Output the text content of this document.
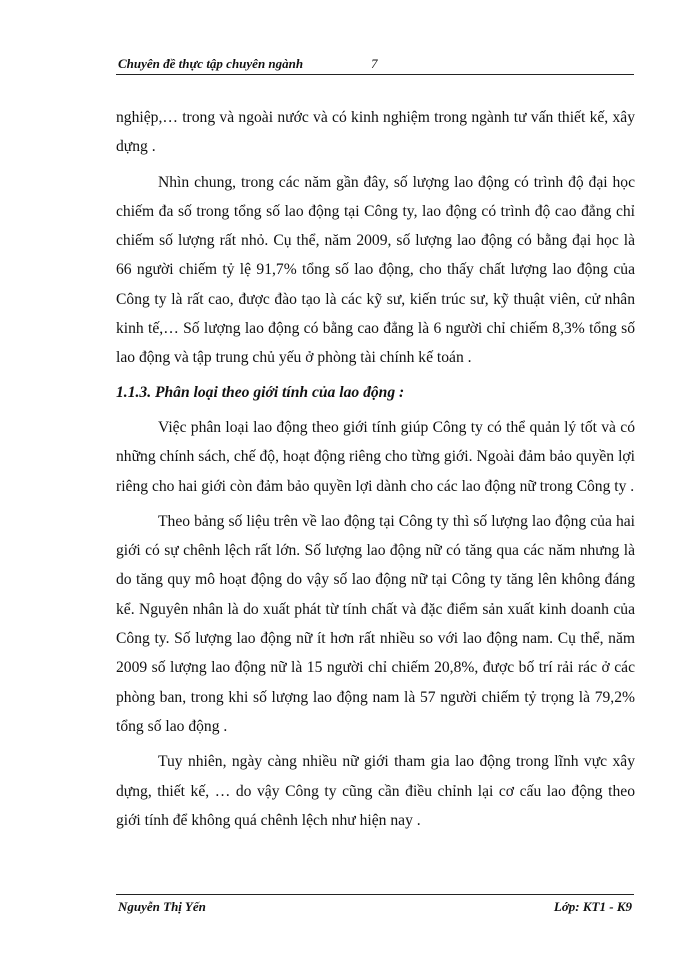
Chuyên đề thực tập chuyên ngành	7

nghiệp,… trong và ngoài nước và có kinh nghiệm trong ngành tư vấn thiết kế, xây dựng .

Nhìn chung, trong các năm gần đây, số lượng lao động có trình độ đại học chiếm đa số trong tổng số lao động tại Công ty, lao động có trình độ cao đẳng chỉ chiếm số lượng rất nhỏ. Cụ thể, năm 2009, số lượng lao động có bằng đại học là 66 người chiếm tỷ lệ 91,7% tổng số lao động, cho thấy chất lượng lao động của Công ty là rất cao, được đào tạo là các kỹ sư, kiến trúc sư, kỹ thuật viên, cử nhân kinh tế,… Số lượng lao động có bằng cao đẳng là 6 người chỉ chiếm 8,3% tổng số lao động và tập trung chủ yếu ở phòng tài chính kế toán .

1.1.3. Phân loại theo giới tính của lao động :

Việc phân loại lao động theo giới tính giúp Công ty có thể quản lý tốt và có những chính sách, chế độ, hoạt động riêng cho từng giới. Ngoài đảm bảo quyền lợi riêng cho hai giới còn đảm bảo quyền lợi dành cho các lao động nữ trong Công ty .

Theo bảng số liệu trên về lao động tại Công ty thì số lượng lao động của hai giới có sự chênh lệch rất lớn. Số lượng lao động nữ có tăng qua các năm nhưng là do tăng quy mô hoạt động do vậy số lao động nữ tại Công ty tăng lên không đáng kể. Nguyên nhân là do xuất phát từ tính chất và đặc điểm sản xuất kinh doanh của Công ty. Số lượng lao động nữ ít hơn rất nhiều so với lao động nam. Cụ thể, năm 2009 số lượng lao động nữ là 15 người chỉ chiếm 20,8%, được bố trí rải rác ở các phòng ban, trong khi số lượng lao động nam là 57 người chiếm tỷ trọng là 79,2% tổng số lao động .

Tuy nhiên, ngày càng nhiều nữ giới tham gia lao động trong lĩnh vực xây dựng, thiết kế, … do vậy Công ty cũng cần điều chỉnh lại cơ cấu lao động theo giới tính để không quá chênh lệch như hiện nay .

Nguyễn Thị Yến	Lớp: KT1 - K9
